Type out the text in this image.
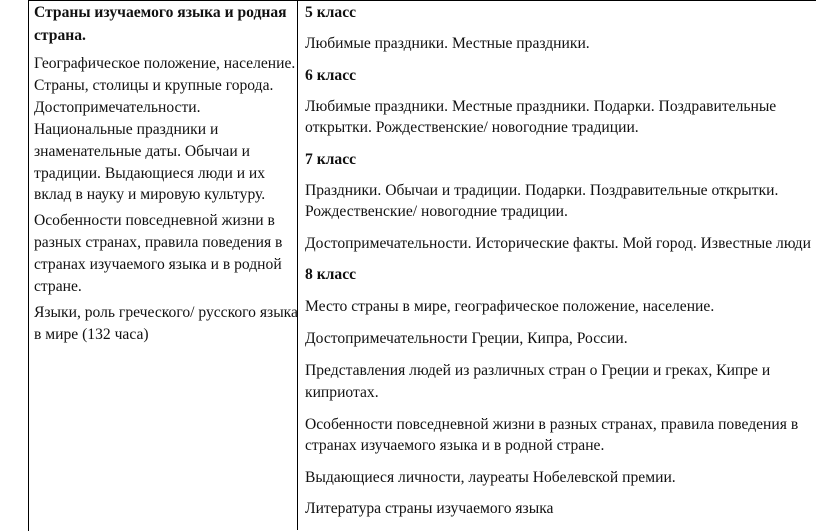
Страны изучаемого языка и родная
страна.
Географическое положение, население.
Страны, столицы и крупные города.
Достопримечательности.
Национальные праздники и
знаменательные даты. Обычаи и
традиции. Выдающиеся люди и их
вклад в науку и мировую культуру.
Особенности повседневной жизни в
разных странах, правила поведения в
странах изучаемого языка и в родной
стране.
Языки, роль греческого/ русского языка
в мире (132 часа)
5 класс
Любимые праздники. Местные праздники.
6 класс
Любимые праздники. Местные праздники. Подарки. Поздравительные
открытки. Рождественские/ новогодние традиции.
7 класс
Праздники. Обычаи и традиции. Подарки. Поздравительные открытки.
Рождественские/ новогодние традиции.
Достопримечательности. Исторические факты. Мой город. Известные люди
8 класс
Место страны в мире, географическое положение, население.
Достопримечательности Греции, Кипра, России.
Представления людей из различных стран о Греции и греках, Кипре и
киприотах.
Особенности повседневной жизни в разных странах, правила поведения в
странах изучаемого языка и в родной стране.
Выдающиеся личности, лауреаты Нобелевской премии.
Литература страны изучаемого языка
